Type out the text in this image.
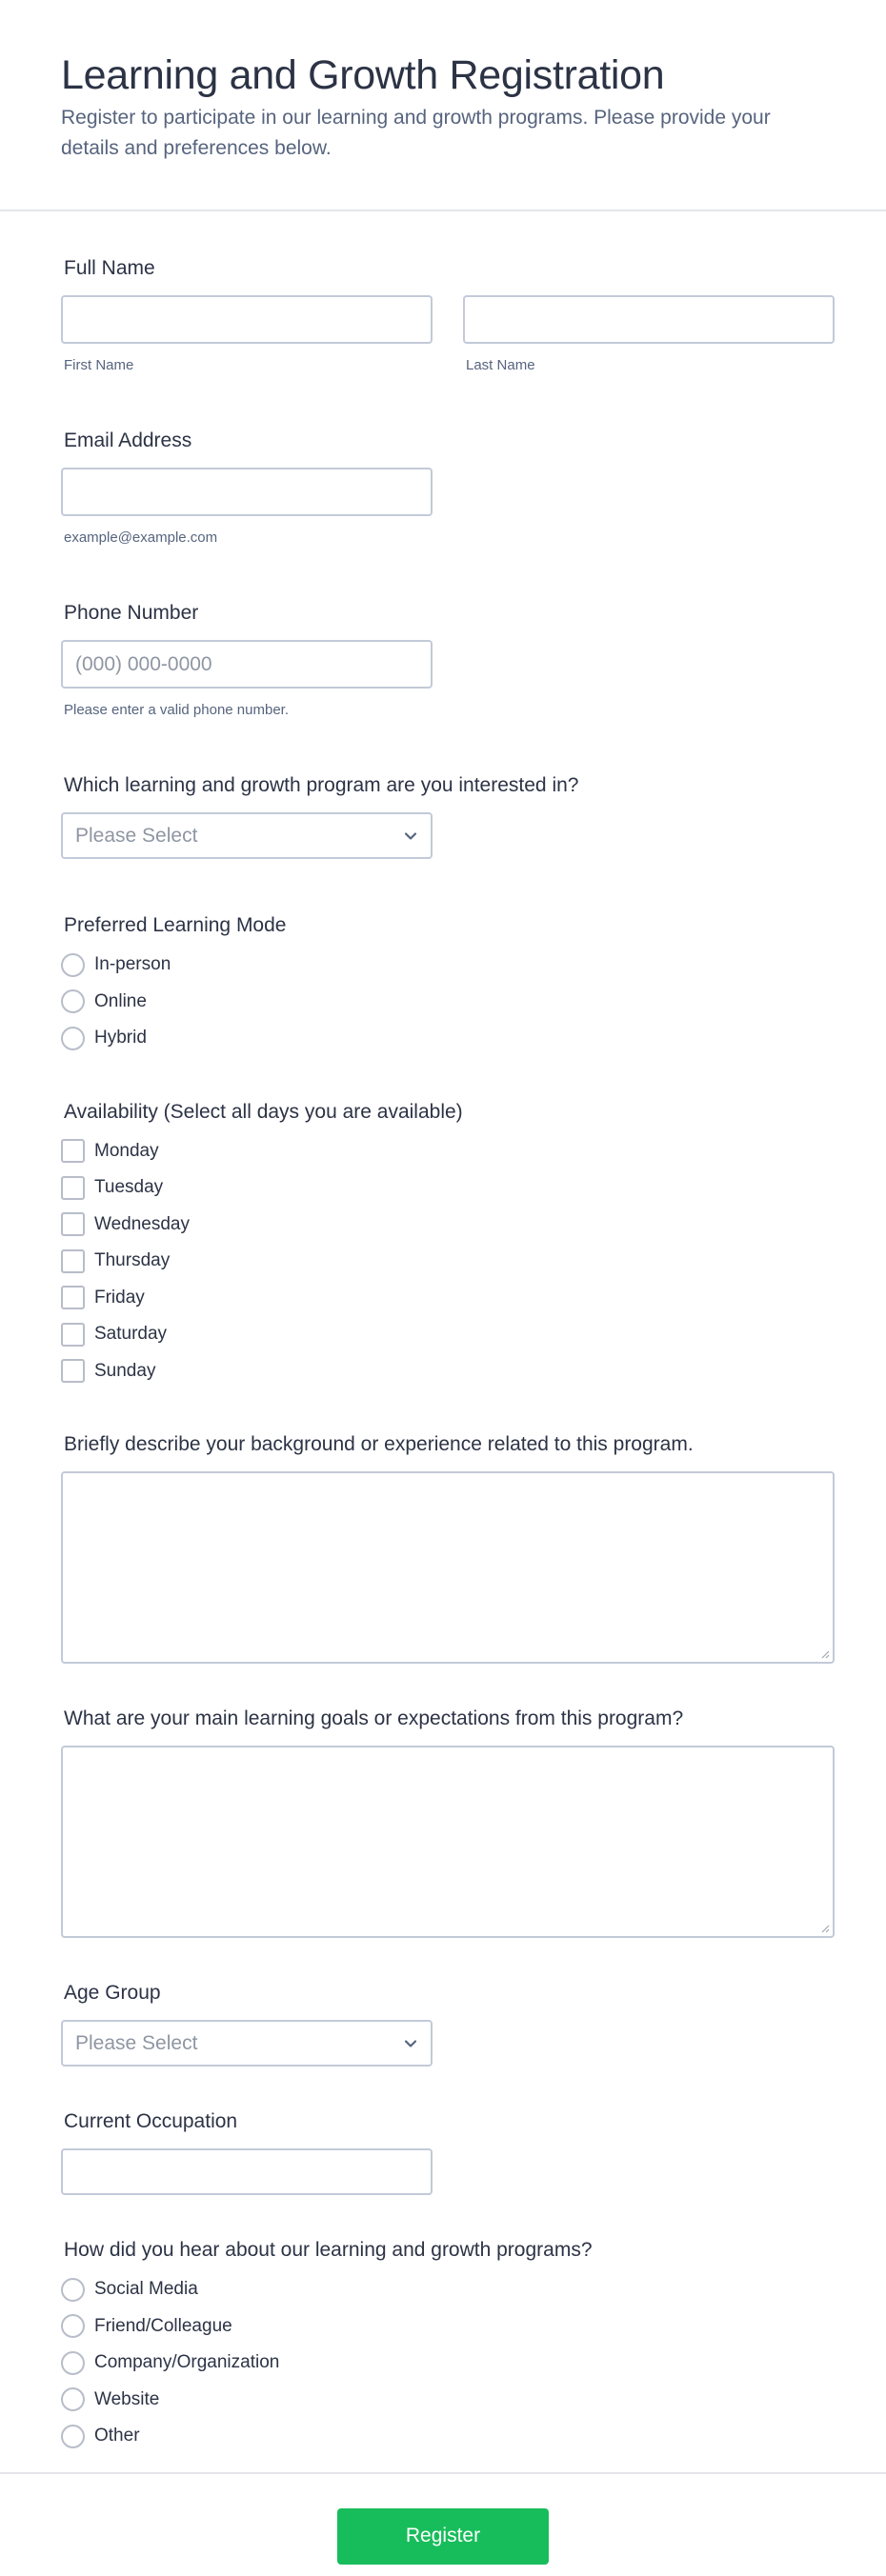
Learning and Growth Registration

Register to participate in our learning and growth programs. Please provide your details and preferences below.

Full Name
First Name	Last Name
Email Address
example@example.com
Phone Number
(000) 000-0000
Please enter a valid phone number.
Which learning and growth program are you interested in?
Please Select
Preferred Learning Mode
In-person
Online
Hybrid
Availability (Select all days you are available)
Monday
Tuesday
Wednesday
Thursday
Friday
Saturday
Sunday
Briefly describe your background or experience related to this program.
What are your main learning goals or expectations from this program?
Age Group
Please Select
Current Occupation
How did you hear about our learning and growth programs?
Social Media
Friend/Colleague
Company/Organization
Website
Other
Register
